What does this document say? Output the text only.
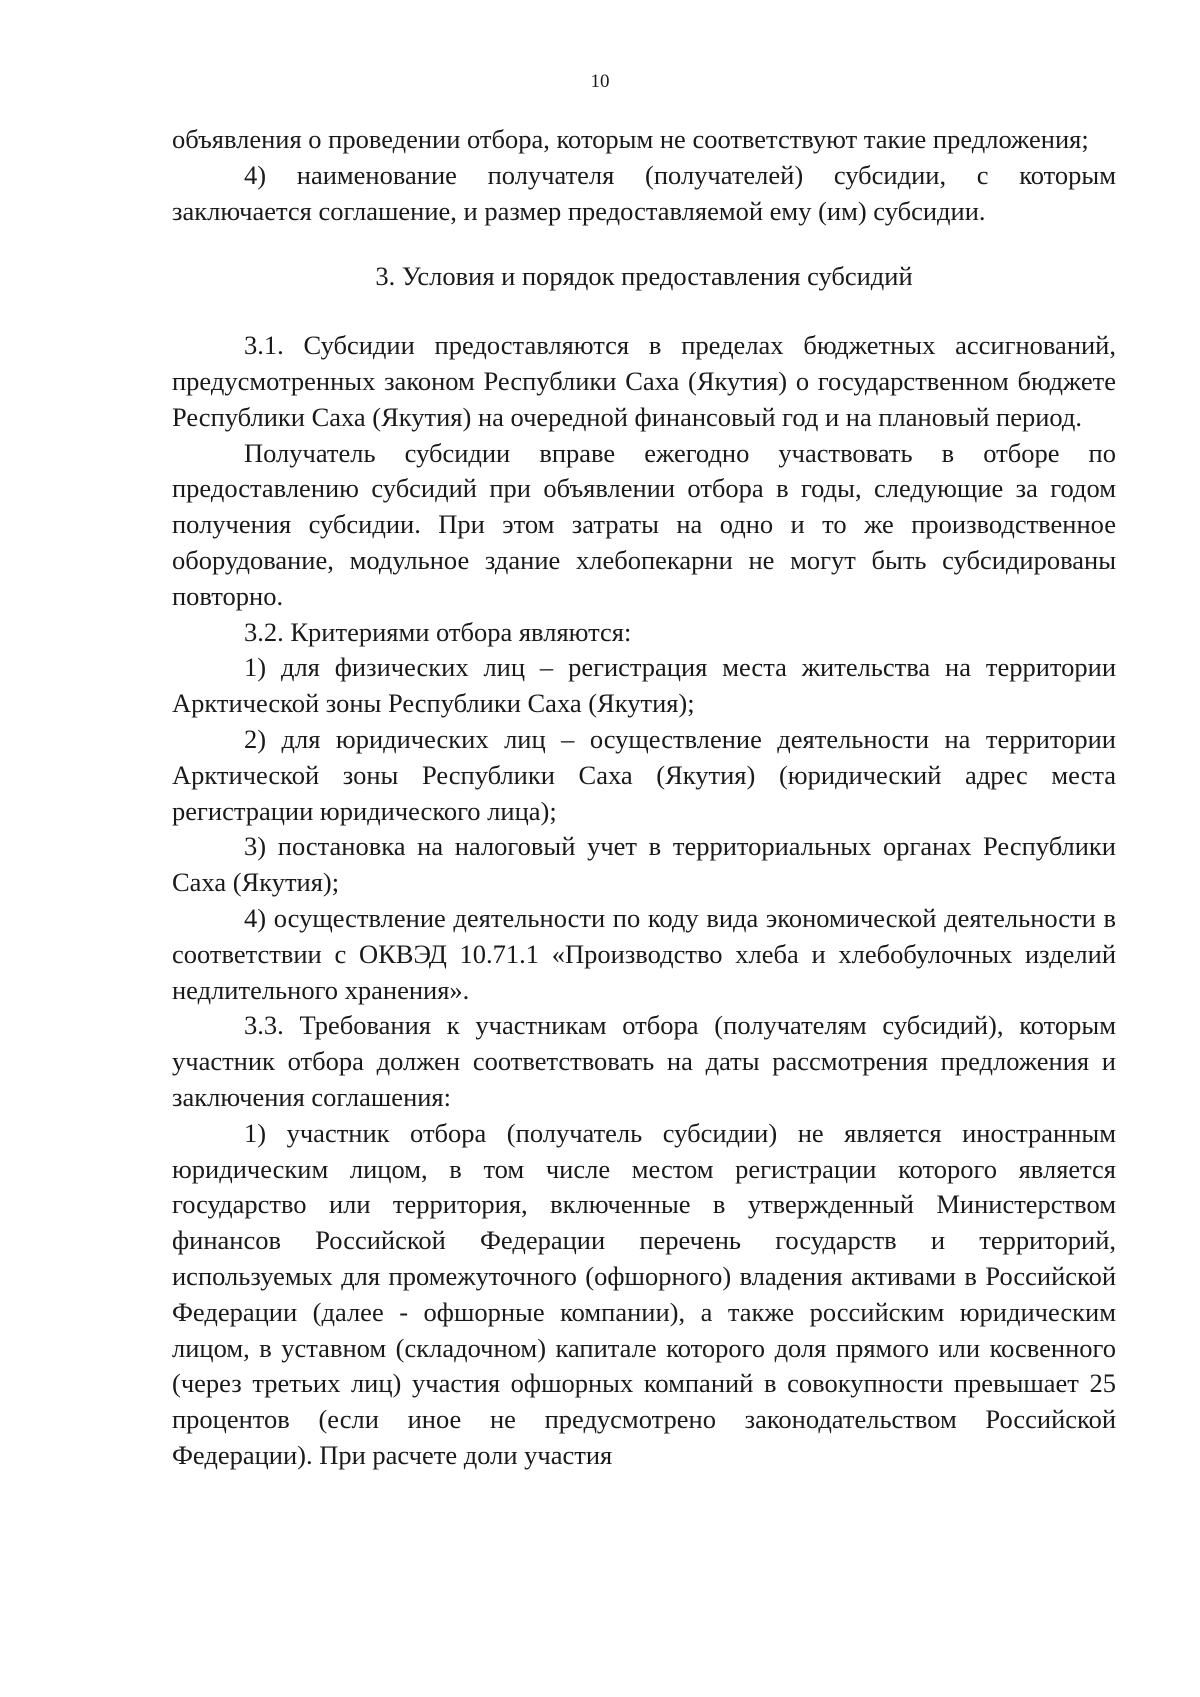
10

объявления о проведении отбора, которым не соответствуют такие предложения;

4) наименование получателя (получателей) субсидии, с которым заключается соглашение, и размер предоставляемой ему (им) субсидии.

3. Условия и порядок предоставления субсидий

3.1. Субсидии предоставляются в пределах бюджетных ассигнований, предусмотренных законом Республики Саха (Якутия) о государственном бюджете Республики Саха (Якутия) на очередной финансовый год и на плановый период.

Получатель субсидии вправе ежегодно участвовать в отборе по предоставлению субсидий при объявлении отбора в годы, следующие за годом получения субсидии. При этом затраты на одно и то же производственное оборудование, модульное здание хлебопекарни не могут быть субсидированы повторно.

3.2. Критериями отбора являются:

1) для физических лиц – регистрация места жительства на территории Арктической зоны Республики Саха (Якутия);

2) для юридических лиц – осуществление деятельности на территории Арктической зоны Республики Саха (Якутия) (юридический адрес места регистрации юридического лица);

3) постановка на налоговый учет в территориальных органах Республики Саха (Якутия);

4) осуществление деятельности по коду вида экономической деятельности в соответствии с ОКВЭД 10.71.1 «Производство хлеба и хлебобулочных изделий недлительного хранения».

3.3. Требования к участникам отбора (получателям субсидий), которым участник отбора должен соответствовать на даты рассмотрения предложения и заключения соглашения:

1) участник отбора (получатель субсидии) не является иностранным юридическим лицом, в том числе местом регистрации которого является государство или территория, включенные в утвержденный Министерством финансов Российской Федерации перечень государств и территорий, используемых для промежуточного (офшорного) владения активами в Российской Федерации (далее - офшорные компании), а также российским юридическим лицом, в уставном (складочном) капитале которого доля прямого или косвенного (через третьих лиц) участия офшорных компаний в совокупности превышает 25 процентов (если иное не предусмотрено законодательством Российской Федерации). При расчете доли участия
